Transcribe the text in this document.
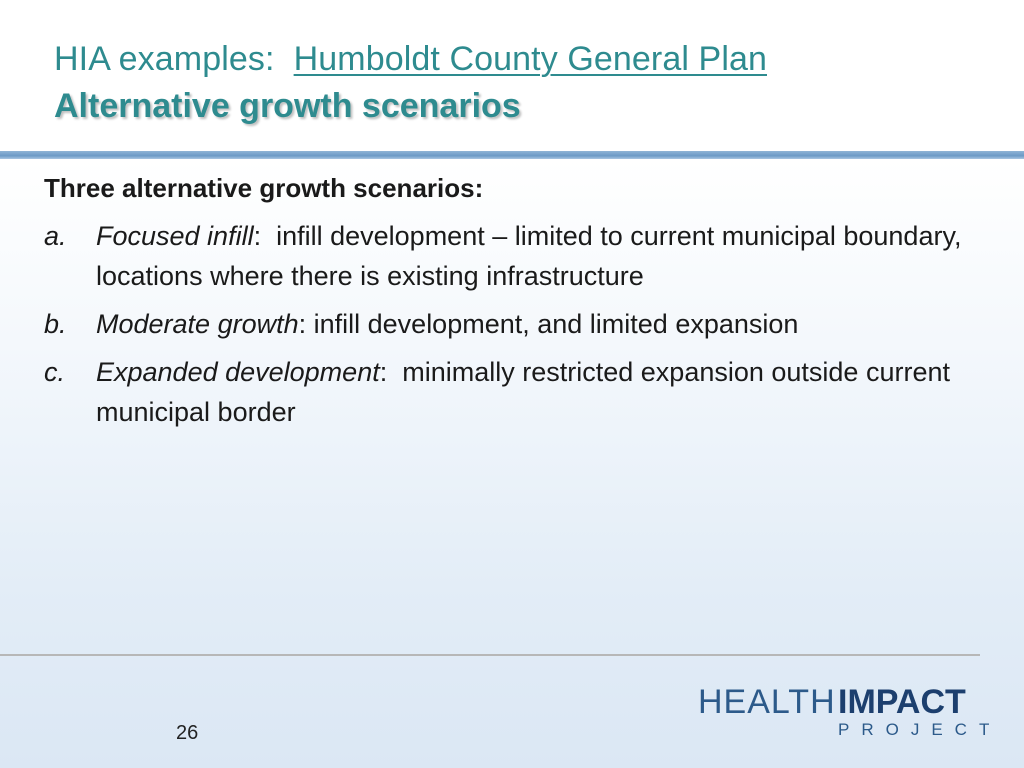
HIA examples: Humboldt County General Plan
Alternative growth scenarios
Three alternative growth scenarios:
a. Focused infill:  infill development – limited to current municipal boundary, locations where there is existing infrastructure
b. Moderate growth: infill development, and limited expansion
c. Expanded development:  minimally restricted expansion outside current municipal border
26
HEALTH IMPACT
PROJECT
